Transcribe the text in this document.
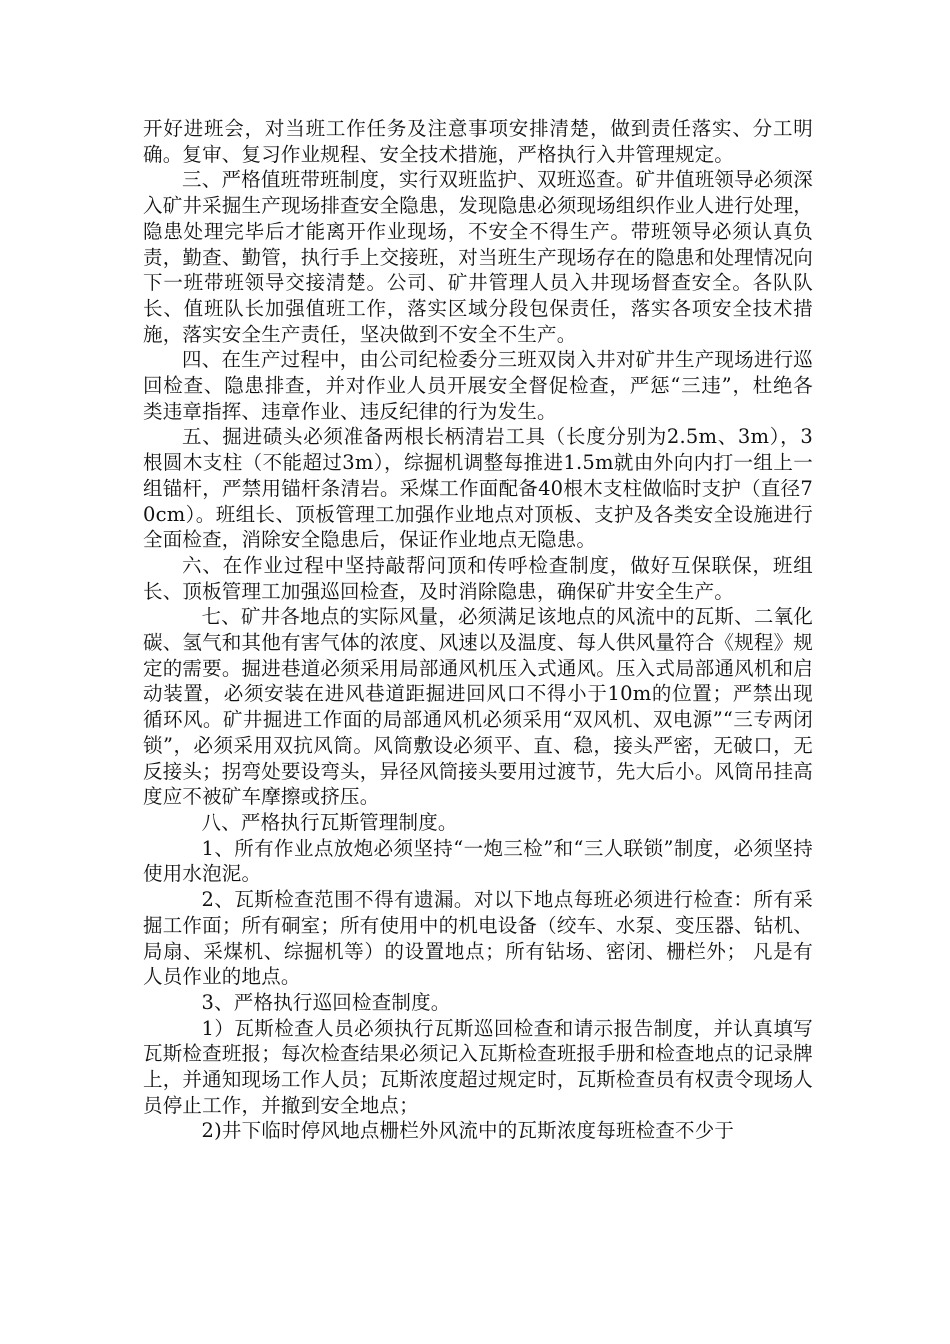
开好进班会，对当班工作任务及注意事项安排清楚，做到责任落实、分工明确。复审、复习作业规程、安全技术措施，严格执行入井管理规定。

三、严格值班带班制度，实行双班监护、双班巡查。矿井值班领导必须深入矿井采掘生产现场排查安全隐患，发现隐患必须现场组织作业人进行处理，隐患处理完毕后才能离开作业现场，不安全不得生产。带班领导必须认真负责，勤查、勤管，执行手上交接班，对当班生产现场存在的隐患和处理情况向下一班带班领导交接清楚。公司、矿井管理人员入井现场督查安全。各队队长、值班队长加强值班工作，落实区域分段包保责任，落实各项安全技术措施，落实安全生产责任，坚决做到不安全不生产。

四、在生产过程中，由公司纪检委分三班双岗入井对矿井生产现场进行巡回检查、隐患排查，并对作业人员开展安全督促检查，严惩“三违”，杜绝各类违章指挥、违章作业、违反纪律的行为发生。

五、掘进碛头必须准备两根长柄清岩工具（长度分别为2.5m、3m），3根圆木支柱（不能超过3m），综掘机调整每推进1.5m就由外向内打一组上一组锚杆，严禁用锚杆条清岩。采煤工作面配备40根木支柱做临时支护（直径70cm）。班组长、顶板管理工加强作业地点对顶板、支护及各类安全设施进行全面检查，消除安全隐患后，保证作业地点无隐患。

六、在作业过程中坚持敲帮问顶和传呼检查制度，做好互保联保，班组长、顶板管理工加强巡回检查，及时消除隐患，确保矿井安全生产。

七、矿井各地点的实际风量，必须满足该地点的风流中的瓦斯、二氧化碳、氢气和其他有害气体的浓度、风速以及温度、每人供风量符合《规程》规定的需要。掘进巷道必须采用局部通风机压入式通风。压入式局部通风机和启动装置，必须安装在进风巷道距掘进回风口不得小于10m的位置；严禁出现循环风。矿井掘进工作面的局部通风机必须采用“双风机、双电源”“三专两闭锁”，必须采用双抗风筒。风筒敷设必须平、直、稳，接头严密，无破口，无反接头；拐弯处要设弯头，异径风筒接头要用过渡节，先大后小。风筒吊挂高度应不被矿车摩擦或挤压。

八、严格执行瓦斯管理制度。

1、所有作业点放炮必须坚持“一炮三检”和“三人联锁”制度，必须坚持使用水泡泥。

2、瓦斯检查范围不得有遗漏。对以下地点每班必须进行检查：所有采掘工作面；所有硐室；所有使用中的机电设备（绞车、水泵、变压器、钻机、局扇、采煤机、综掘机等）的设置地点；所有钻场、密闭、栅栏外； 凡是有人员作业的地点。

3、严格执行巡回检查制度。

1）瓦斯检查人员必须执行瓦斯巡回检查和请示报告制度，并认真填写瓦斯检查班报；每次检查结果必须记入瓦斯检查班报手册和检查地点的记录牌上，并通知现场工作人员；瓦斯浓度超过规定时，瓦斯检查员有权责令现场人员停止工作，并撤到安全地点；

2)井下临时停风地点栅栏外风流中的瓦斯浓度每班检查不少于
